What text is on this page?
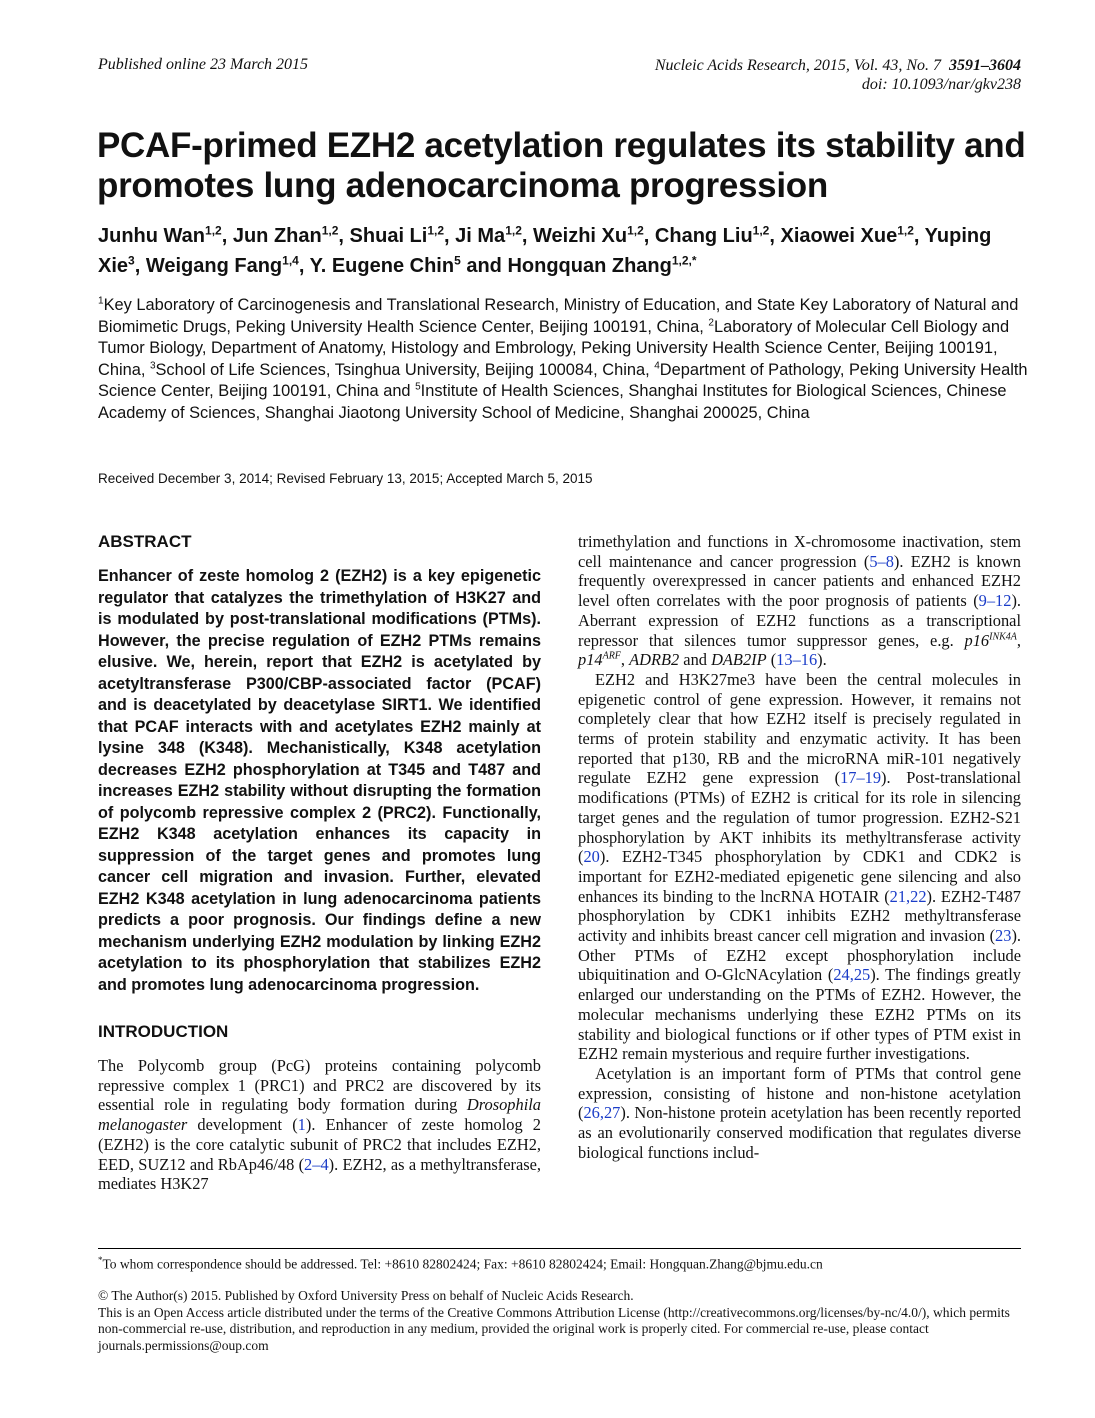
Published online 23 March 2015	Nucleic Acids Research, 2015, Vol. 43, No. 7 3591–3604
doi: 10.1093/nar/gkv238
PCAF-primed EZH2 acetylation regulates its stability and promotes lung adenocarcinoma progression
Junhu Wan$^{1,2}$, Jun Zhan$^{1,2}$, Shuai Li$^{1,2}$, Ji Ma$^{1,2}$, Weizhi Xu$^{1,2}$, Chang Liu$^{1,2}$, Xiaowei Xue$^{1,2}$, Yuping Xie$^3$, Weigang Fang$^{1,4}$, Y. Eugene Chin$^5$ and Hongquan Zhang$^{1,2,*}$
$^1$Key Laboratory of Carcinogenesis and Translational Research, Ministry of Education, and State Key Laboratory of Natural and Biomimetic Drugs, Peking University Health Science Center, Beijing 100191, China, $^2$Laboratory of Molecular Cell Biology and Tumor Biology, Department of Anatomy, Histology and Embrology, Peking University Health Science Center, Beijing 100191, China, $^3$School of Life Sciences, Tsinghua University, Beijing 100084, China, $^4$Department of Pathology, Peking University Health Science Center, Beijing 100191, China and $^5$Institute of Health Sciences, Shanghai Institutes for Biological Sciences, Chinese Academy of Sciences, Shanghai Jiaotong University School of Medicine, Shanghai 200025, China
Received December 3, 2014; Revised February 13, 2015; Accepted March 5, 2015
ABSTRACT

Enhancer of zeste homolog 2 (EZH2) is a key epigenetic regulator that catalyzes the trimethylation of H3K27 and is modulated by post-translational modifications (PTMs). However, the precise regulation of EZH2 PTMs remains elusive. We, herein, report that EZH2 is acetylated by acetyltransferase P300/CBP-associated factor (PCAF) and is deacetylated by deacetylase SIRT1. We identified that PCAF interacts with and acetylates EZH2 mainly at lysine 348 (K348). Mechanistically, K348 acetylation decreases EZH2 phosphorylation at T345 and T487 and increases EZH2 stability without disrupting the formation of polycomb repressive complex 2 (PRC2). Functionally, EZH2 K348 acetylation enhances its capacity in suppression of the target genes and promotes lung cancer cell migration and invasion. Further, elevated EZH2 K348 acetylation in lung adenocarcinoma patients predicts a poor prognosis. Our findings define a new mechanism underlying EZH2 modulation by linking EZH2 acetylation to its phosphorylation that stabilizes EZH2 and promotes lung adenocarcinoma progression.

INTRODUCTION

The Polycomb group (PcG) proteins containing polycomb repressive complex 1 (PRC1) and PRC2 are discovered by its essential role in regulating body formation during Drosophila melanogaster development (1). Enhancer of zeste homolog 2 (EZH2) is the core catalytic subunit of PRC2 that includes EZH2, EED, SUZ12 and RbAp46/48 (2–4). EZH2, as a methyltransferase, mediates H3K27

trimethylation and functions in X-chromosome inactivation, stem cell maintenance and cancer progression (5–8). EZH2 is known frequently overexpressed in cancer patients and enhanced EZH2 level often correlates with the poor prognosis of patients (9–12). Aberrant expression of EZH2 functions as a transcriptional repressor that silences tumor suppressor genes, e.g. $p16^{INK4A}$, $p14^{ARF}$, ADRB2 and DAB2IP (13–16).

EZH2 and H3K27me3 have been the central molecules in epigenetic control of gene expression. However, it remains not completely clear that how EZH2 itself is precisely regulated in terms of protein stability and enzymatic activity. It has been reported that p130, RB and the microRNA miR-101 negatively regulate EZH2 gene expression (17–19). Post-translational modifications (PTMs) of EZH2 is critical for its role in silencing target genes and the regulation of tumor progression. EZH2-S21 phosphorylation by AKT inhibits its methyltransferase activity (20). EZH2-T345 phosphorylation by CDK1 and CDK2 is important for EZH2-mediated epigenetic gene silencing and also enhances its binding to the lncRNA HOTAIR (21,22). EZH2-T487 phosphorylation by CDK1 inhibits EZH2 methyltransferase activity and inhibits breast cancer cell migration and invasion (23). Other PTMs of EZH2 except phosphorylation include ubiquitination and O-GlcNAcylation (24,25). The findings greatly enlarged our understanding on the PTMs of EZH2. However, the molecular mechanisms underlying these EZH2 PTMs on its stability and biological functions or if other types of PTM exist in EZH2 remain mysterious and require further investigations.

Acetylation is an important form of PTMs that control gene expression, consisting of histone and non-histone acetylation (26,27). Non-histone protein acetylation has been recently reported as an evolutionarily conserved modification that regulates diverse biological functions includ-

*To whom correspondence should be addressed. Tel: +8610 82802424; Fax: +8610 82802424; Email: Hongquan.Zhang@bjmu.edu.cn
© The Author(s) 2015. Published by Oxford University Press on behalf of Nucleic Acids Research.
This is an Open Access article distributed under the terms of the Creative Commons Attribution License (http://creativecommons.org/licenses/by-nc/4.0/), which permits non-commercial re-use, distribution, and reproduction in any medium, provided the original work is properly cited. For commercial re-use, please contact journals.permissions@oup.com
